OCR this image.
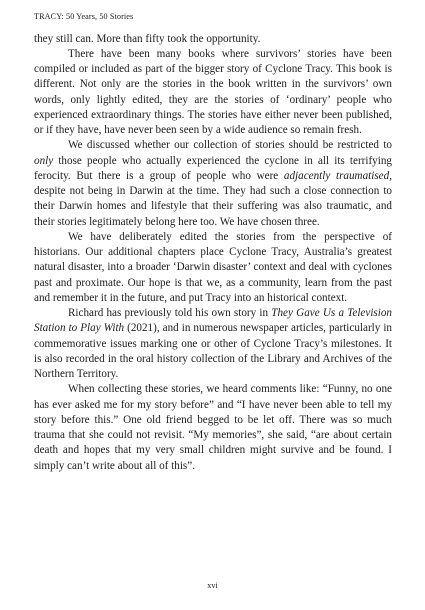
TRACY: 50 Years, 50 Stories

they still can. More than fifty took the opportunity.

There have been many books where survivors’ stories have been compiled or included as part of the bigger story of Cyclone Tracy. This book is different. Not only are the stories in the book written in the survivors’ own words, only lightly edited, they are the stories of ‘ordinary’ people who experienced extraordinary things. The stories have either never been published, or if they have, have never been seen by a wide audience so remain fresh.

We discussed whether our collection of stories should be restricted to only those people who actually experienced the cyclone in all its terrifying ferocity. But there is a group of people who were adjacently traumatised, despite not being in Darwin at the time. They had such a close connection to their Darwin homes and lifestyle that their suffering was also traumatic, and their stories legitimately belong here too. We have chosen three.

We have deliberately edited the stories from the perspective of historians. Our additional chapters place Cyclone Tracy, Australia’s greatest natural disaster, into a broader ‘Darwin disaster’ context and deal with cyclones past and proximate. Our hope is that we, as a community, learn from the past and remember it in the future, and put Tracy into an historical context.

Richard has previously told his own story in They Gave Us a Television Station to Play With (2021), and in numerous newspaper articles, particularly in commemorative issues marking one or other of Cyclone Tracy’s milestones. It is also recorded in the oral history collection of the Library and Archives of the Northern Territory.

When collecting these stories, we heard comments like: “Funny, no one has ever asked me for my story before” and “I have never been able to tell my story before this.” One old friend begged to be let off. There was so much trauma that she could not revisit. “My memories”, she said, “are about certain death and hopes that my very small children might survive and be found. I simply can’t write about all of this”.

xvi
